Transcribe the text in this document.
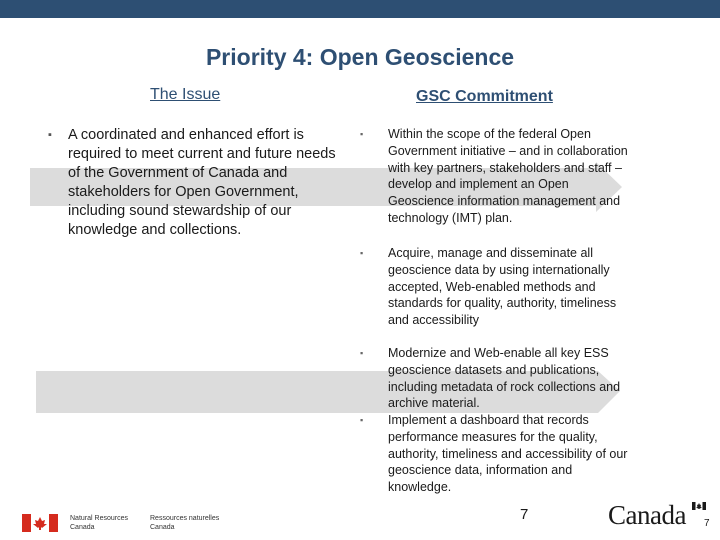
Priority 4: Open Geoscience
The Issue	GSC Commitment
▪	A coordinated and enhanced effort is required to meet current and future needs of the Government of Canada and stakeholders for Open Government, including sound stewardship of our knowledge and collections.
▪ Within the scope of the federal Open Government initiative – and in collaboration with key partners, stakeholders and staff – develop and implement an Open Geoscience information management and technology (IMT) plan.
▪ Acquire, manage and disseminate all geoscience data by using internationally accepted, Web-enabled methods and standards for quality, authority, timeliness and accessibility
▪ Modernize and Web-enable all key ESS geoscience datasets and publications, including metadata of rock collections and archive material.
▪ Implement a dashboard that records performance measures for the quality, authority, timeliness and accessibility of our geoscience data, information and knowledge.
Natural Resources
Canada
Ressources naturelles
Canada
7	Canada 7
